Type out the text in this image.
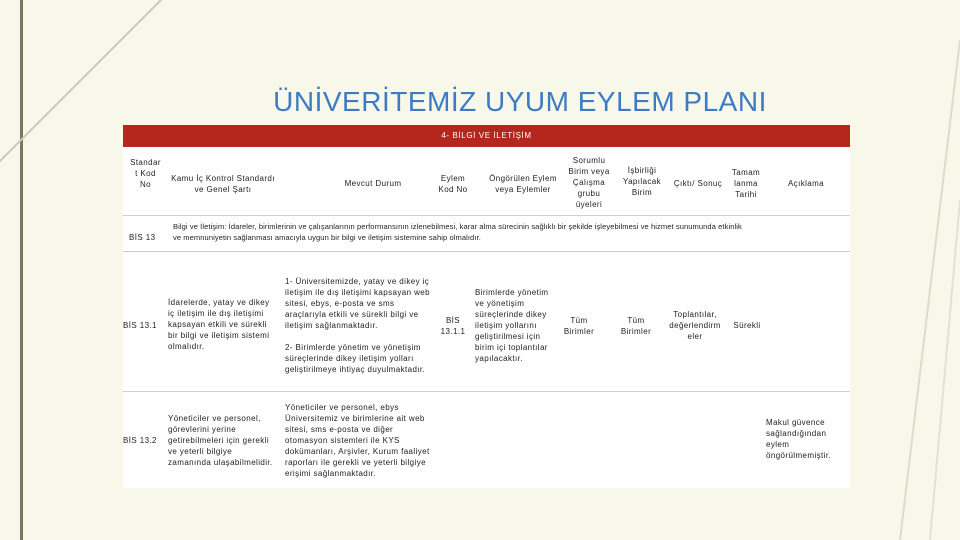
ÜNİVERİTEMİZ UYUM EYLEM PLANI
4- BİLGİ VE İLETİŞİM
Standar
t Kod
No
Kamu İç Kontrol Standardı
ve Genel Şartı
Mevcut Durum
Eylem
Kod No
Öngörülen Eylem
veya Eylemler
Sorumlu
Birim veya
Çalışma
grubu
üyeleri
İşbirliği
Yapılacak
Birim
Çıktı/ Sonuç
Tamam
lanma
Tarihi
Açıklama
BİS 13
Bilgi ve İletişim: İdareler, birimlerinin ve çalışanlarının performansının izlenebilmesi, karar alma sürecinin sağlıklı bir şekilde işleyebilmesi ve hizmet sunumunda etkinlik
ve memnuniyetin sağlanması amacıyla uygun bir bilgi ve iletişim sistemine sahip olmalıdır.
BİS 13.1
İdarelerde, yatay ve dikey
iç iletişim ile dış iletişimi
kapsayan etkili ve sürekli
bir bilgi ve iletişim sistemi
olmalıdır.
1- Üniversitemizde, yatay ve dikey iç
iletişim ile dış iletişimi kapsayan web
sitesi, ebys, e-posta ve sms
araçlarıyla etkili ve sürekli bilgi ve
iletişim sağlanmaktadır.

2- Birimlerde yönetim ve yönetişim
süreçlerinde dikey iletişim yolları
geliştirilmeye ihtiyaç duyulmaktadır.
BİS
13.1.1
Birimlerde yönetim
ve yönetişim
süreçlerinde dikey
iletişim yollarını
geliştirilmesi için
birim içi toplantılar
yapılacaktır.
Tüm
Birimler
Tüm
Birimler
Toplantılar,
değerlendirm
eler
Sürekli
BİS 13.2
Yöneticiler ve personel,
görevlerini yerine
getirebilmeleri için gerekli
ve yeterli bilgiye
zamanında ulaşabilmelidir.
Yöneticiler ve personel, ebys
Üniversitemiz ve birimlerine ait web
sitesi, sms e-posta ve diğer
otomasyon sistemleri ile KYS
dokümanları, Arşivler, Kurum faaliyet
raporları ile gerekli ve yeterli bilgiye
erişimi sağlanmaktadır.
Makul güvence
sağlandığından
eylem
öngörülmemiştir.
